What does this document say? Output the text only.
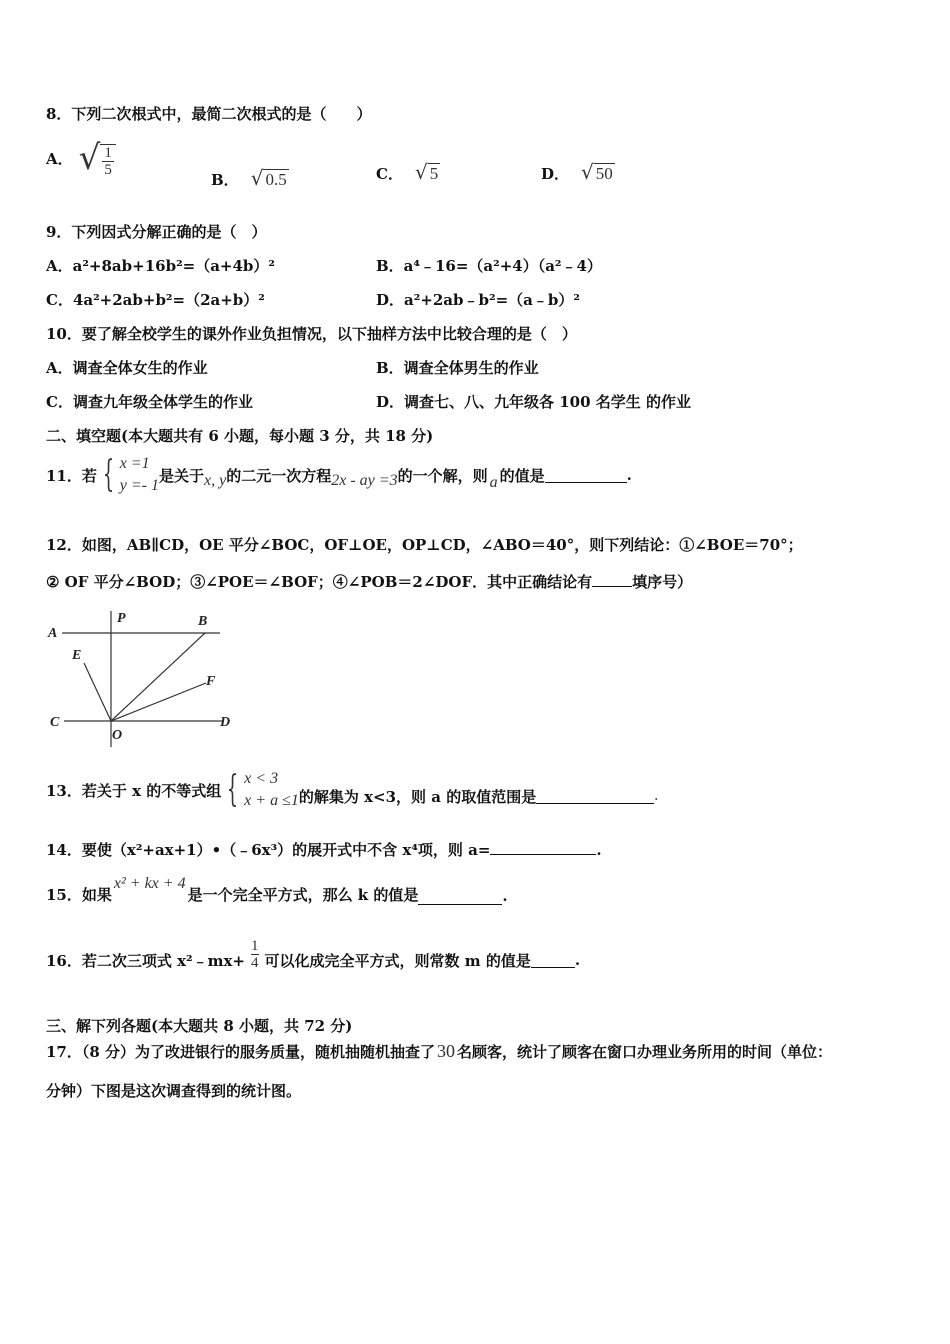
8．下列二次根式中，最简二次根式的是（　　）
A． √ $\frac{1}{5}$
B． √ 0.5	C． √ 5	D． √ 50
9．下列因式分解正确的是（　）
A．a²+8ab+16b²=（a+4b）²	B．a⁴﹣16=（a²+4）（a²﹣4）
C．4a²+2ab+b²=（2a+b）²	D．a²+2ab﹣b²=（a﹣b）²
10．要了解全校学生的课外作业负担情况，以下抽样方法中比较合理的是（　）
A．调查全体女生的作业	B．调查全体男生的作业
C．调查九年级全体学生的作业	D．调查七、八、九年级各 100 名学生 的作业
二、填空题(本大题共有 6 小题，每小题 3 分，共 18 分)
11．若 { x =1
y =- 1
是关于 x, y 的二元一次方程 2x - ay =3 的一个解，则 a 的值是	.
12．如图，AB∥CD，OE 平分∠BOC，OF⊥OE，OP⊥CD，∠ABO＝40°，则下列结论：①∠BOE＝70°；
② OF 平分∠BOD；③∠POE＝∠BOF；④∠POB＝2∠DOF．其中正确结论有	填序号）
A
P	B
E
F
C
O
D
13．若关于 x 的不等式组 { x < 3
x + a ≤1 的解集为 x<3，则 a 的取值范围是	.
14．要使（x²+ax+1）•（﹣6x³）的展开式中不含 x⁴项，则 a=	.
15．如果
x² + kx + 4
是一个完全平方式，那么 k 的值是	.
16．若二次三项式 x²﹣mx+ $\frac{1}{4}$ 可以化成完全平方式，则常数 m 的值是	.
三、解下列各题(本大题共 8 小题，共 72 分)
17．（8 分）为了改进银行的服务质量，随机抽随机抽查了 30 名顾客，统计了顾客在窗口办理业务所用的时间（单位：
分钟）下图是这次调查得到的统计图。
